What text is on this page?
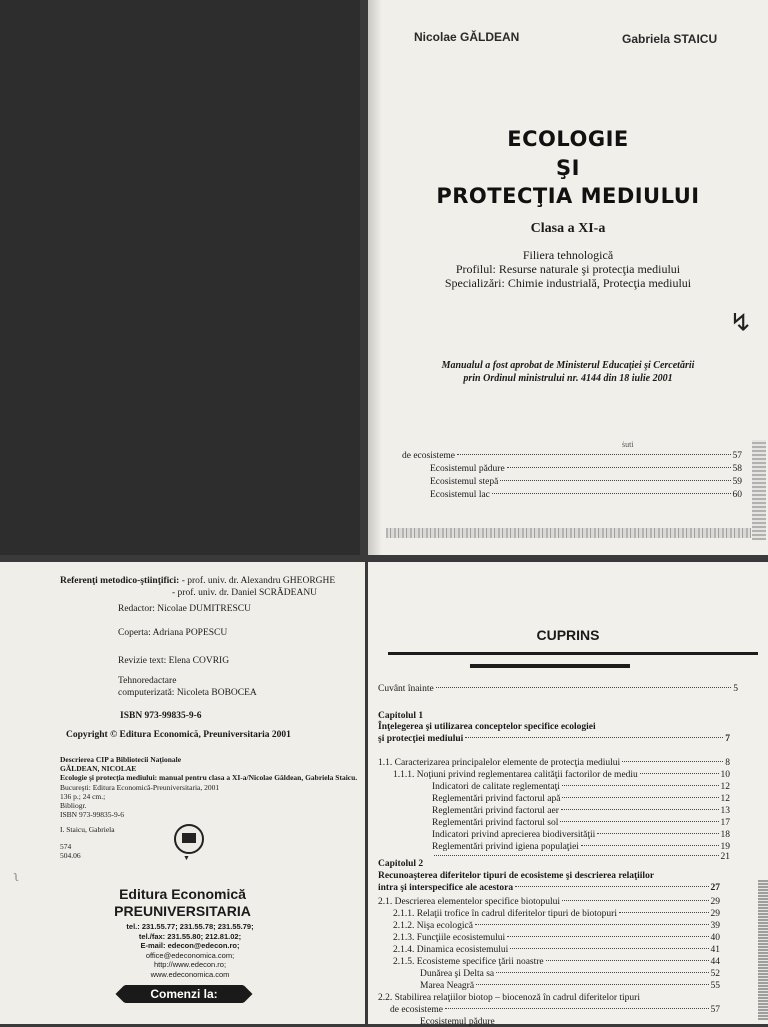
Nicolae GĂLDEAN	Gabriela STAICU
ECOLOGIE
ŞI
PROTECŢIA MEDIULUI
Clasa a XI-a
Filiera tehnologică
Profilul: Resurse naturale şi protecţia mediului
Specializări: Chimie industrială, Protecţia mediului
↯
Manualul a fost aprobat de Ministerul Educaţiei şi Cercetării
prin Ordinul ministrului nr. 4144 din 18 iulie 2001
ṡuti
de ecosisteme	57
Ecosistemul pădure	58
Ecosistemul stepă	59
Ecosistemul lac	60
Referenţi metodico-ştiinţifici: - prof. univ. dr. Alexandru GHEORGHE
- prof. univ. dr. Daniel SCRĂDEANU
Redactor: Nicolae DUMITRESCU
Coperta: Adriana POPESCU
Revizie text: Elena COVRIG
Tehnoredactare
computerizată: Nicoleta BOBOCEA
ISBN 973-99835-9-6
Copyright © Editura Economică, Preuniversitaria 2001
Descrierea CIP a Bibliotecii Naţionale
GĂLDEAN, NICOLAE
Ecologie şi protecţia mediului: manual pentru clasa a XI-a/Nicolae Găldean, Gabriela Staicu.
Bucureşti: Editura Economică-Preuniversitaria, 2001
136 p.; 24 cm.;
Bibliogr.
ISBN 973-99835-9-6
I. Staicu, Gabriela
574
504.06	▼
Editura Economică
PREUNIVERSITARIA
tel.: 231.55.77; 231.55.78; 231.55.79;
tel./fax: 231.55.80; 212.81.02;
E-mail: edecon@edecon.ro;
office@edeconomica.com;
http://www.edecon.ro;
www.edeconomica.com
Comenzi la:
ʅ
CUPRINS
Cuvânt înainte	5
Capitolul 1
Înţelegerea şi utilizarea conceptelor specifice ecologiei
şi protecţiei mediului	7
1.1. Caracterizarea principalelor elemente de protecţia mediului	8
1.1.1. Noţiuni privind reglementarea calităţii factorilor de mediu	10
Indicatori de calitate reglementaţi	12
Reglementări privind factorul apă	12
Reglementări privind factorul aer	13
Reglementări privind factorul sol	17
Indicatori privind aprecierea biodiversităţii	18
Reglementări privind igiena populaţiei	19
21
Capitolul 2
Recunoaşterea diferitelor tipuri de ecosisteme şi descrierea relaţiilor
intra şi interspecifice ale acestora	27
2.1. Descrierea elementelor specifice biotopului	29
2.1.1. Relaţii trofice în cadrul diferitelor tipuri de biotopuri	29
2.1.2. Nişa ecologică	39
2.1.3. Funcţiile ecosistemului	40
2.1.4. Dinamica ecosistemului	41
2.1.5. Ecosisteme specifice ţării noastre	44
Dunărea şi Delta sa	52
Marea Neagră	55
2.2. Stabilirea relaţiilor biotop – biocenoză în cadrul diferitelor tipuri
de ecosisteme	57
Ecosistemul pădure
